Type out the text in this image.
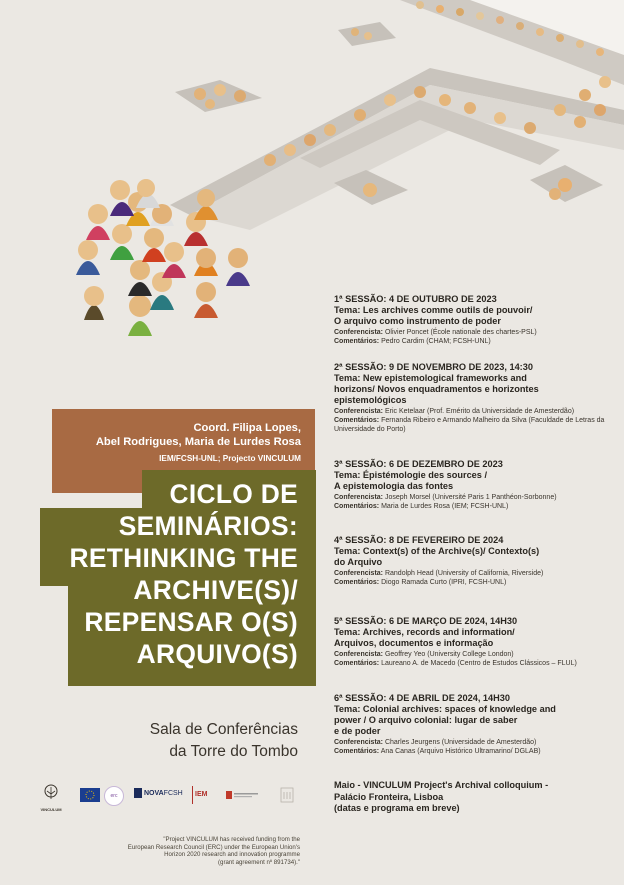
Coord. Filipa Lopes,
Abel Rodrigues, Maria de Lurdes Rosa
IEM/FCSH-UNL; Projecto VINCULUM
CICLO DE
SEMINÁRIOS:
RETHINKING THE
ARCHIVE(S)/
REPENSAR O(S)
ARQUIVO(S)
Sala de Conferências
da Torre do Tombo
1ª SESSÃO: 4 DE OUTUBRO DE 2023
Tema: Les archives comme outils de pouvoir/
O arquivo como instrumento de poder
Conferencista: Olivier Poncet (École nationale des chartes-PSL)
Comentários: Pedro Cardim (CHAM; FCSH-UNL)
2ª SESSÃO: 9 DE NOVEMBRO DE 2023, 14:30
Tema: New epistemological frameworks and
horizons/ Novos enquadramentos e horizontes
epistemológicos
Conferencista: Eric Ketelaar (Prof. Emérito da Universidade de Amesterdão)
Comentários: Fernanda Ribeiro e Armando Malheiro da Silva (Faculdade de Letras da Universidade do Porto)
3ª SESSÃO: 6 DE DEZEMBRO DE 2023
Tema: Épistémologie des sources /
A epistemologia das fontes
Conferencista: Joseph Morsel (Université Paris 1 Panthéon-Sorbonne)
Comentários: Maria de Lurdes Rosa (IEM; FCSH-UNL)
4ª SESSÃO: 8 DE FEVEREIRO DE 2024
Tema: Context(s) of the Archive(s)/ Contexto(s)
do Arquivo
Conferencista: Randolph Head (University of California, Riverside)
Comentários: Diogo Ramada Curto (IPRI, FCSH-UNL)
5ª SESSÃO: 6 DE MARÇO DE 2024, 14H30
Tema: Archives, records and information/
Arquivos, documentos e informação
Conferencista: Geoffrey Yeo (University College London)
Comentários: Laureano A. de Macedo (Centro de Estudos Clássicos – FLUL)
6ª SESSÃO: 4 DE ABRIL DE 2024, 14H30
Tema: Colonial archives: spaces of knowledge and
power / O arquivo colonial: lugar de saber
e de poder
Conferencista: Charles Jeurgens (Universidade de Amesterdão)
Comentários: Ana Canas (Arquivo Histórico Ultramarino/ DGLAB)
Maio - VINCULUM Project's Archival colloquium -
Palácio Fronteira, Lisboa
(datas e programa em breve)
VINCULUM
erc	NOVAFCSH	IEM
"Project VINCULUM has received funding from the
European Research Council (ERC) under the European Union's
Horizon 2020 research and innovation programme
(grant agreement nº 891734)."
